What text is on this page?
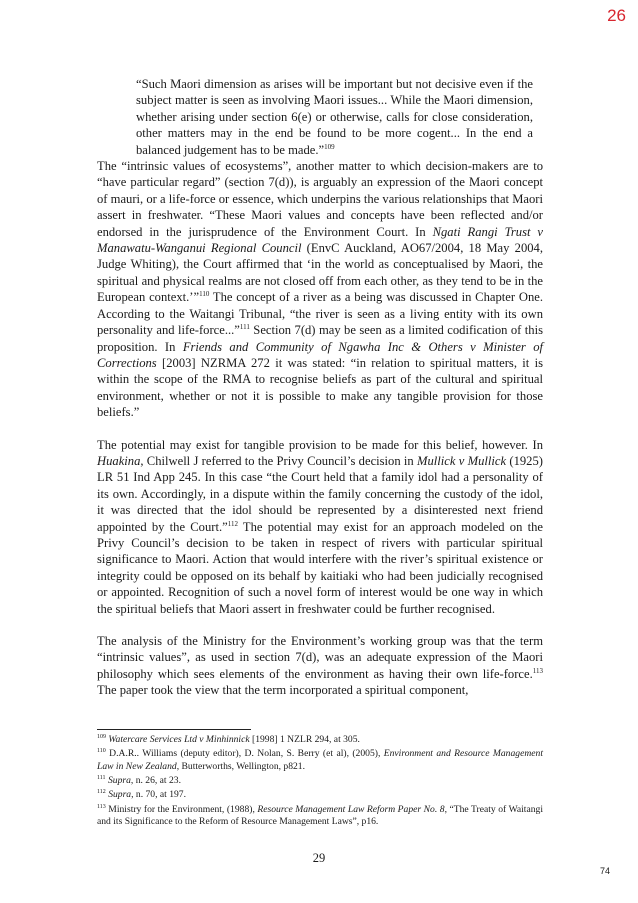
26

“Such Maori dimension as arises will be important but not decisive even if the subject matter is seen as involving Maori issues... While the Maori dimension, whether arising under section 6(e) or otherwise, calls for close consideration, other matters may in the end be found to be more cogent... In the end a balanced judgement has to be made.”$^{109}$

The “intrinsic values of ecosystems”, another matter to which decision-makers are to “have particular regard” (section 7(d)), is arguably an expression of the Maori concept of mauri, or a life-force or essence, which underpins the various relationships that Maori assert in freshwater. “These Maori values and concepts have been reflected and/or endorsed in the jurisprudence of the Environment Court. In Ngati Rangi Trust v Manawatu-Wanganui Regional Council (EnvC Auckland, AO67/2004, 18 May 2004, Judge Whiting), the Court affirmed that ‘in the world as conceptualised by Maori, the spiritual and physical realms are not closed off from each other, as they tend to be in the European context.’”$^{110}$ The concept of a river as a being was discussed in Chapter One. According to the Waitangi Tribunal, “the river is seen as a living entity with its own personality and life-force...”$^{111}$ Section 7(d) may be seen as a limited codification of this proposition. In Friends and Community of Ngawha Inc & Others v Minister of Corrections [2003] NZRMA 272 it was stated: “in relation to spiritual matters, it is within the scope of the RMA to recognise beliefs as part of the cultural and spiritual environment, whether or not it is possible to make any tangible provision for those beliefs.”

The potential may exist for tangible provision to be made for this belief, however. In Huakina, Chilwell J referred to the Privy Council’s decision in Mullick v Mullick (1925) LR 51 Ind App 245. In this case “the Court held that a family idol had a personality of its own. Accordingly, in a dispute within the family concerning the custody of the idol, it was directed that the idol should be represented by a disinterested next friend appointed by the Court.”$^{112}$ The potential may exist for an approach modeled on the Privy Council’s decision to be taken in respect of rivers with particular spiritual significance to Maori. Action that would interfere with the river’s spiritual existence or integrity could be opposed on its behalf by kaitiaki who had been judicially recognised or appointed. Recognition of such a novel form of interest would be one way in which the spiritual beliefs that Maori assert in freshwater could be further recognised.

The analysis of the Ministry for the Environment’s working group was that the term “intrinsic values”, as used in section 7(d), was an adequate expression of the Maori philosophy which sees elements of the environment as having their own life-force.$^{113}$ The paper took the view that the term incorporated a spiritual component,

$^{109}$ Watercare Services Ltd v Minhinnick [1998] 1 NZLR 294, at 305.

$^{110}$ D.A.R.. Williams (deputy editor), D. Nolan, S. Berry (et al), (2005), Environment and Resource Management Law in New Zealand, Butterworths, Wellington, p821.

$^{111}$ Supra, n. 26, at 23.

$^{112}$ Supra, n. 70, at 197.

$^{113}$ Ministry for the Environment, (1988), Resource Management Law Reform Paper No. 8, “The Treaty of Waitangi and its Significance to the Reform of Resource Management Laws”, p16.

29
74
